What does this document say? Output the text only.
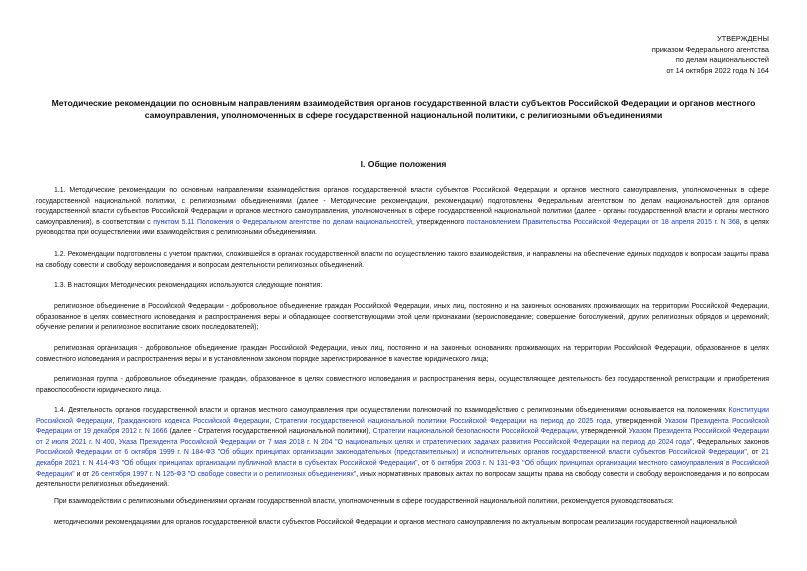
УТВЕРЖДЕНЫ
приказом Федерального агентства
по делам национальностей
от 14 октября 2022 года N 164
Методические рекомендации по основным направлениям взаимодействия органов государственной власти субъектов Российской Федерации и органов местного самоуправления, уполномоченных в сфере государственной национальной политики, с религиозными объединениями
I. Общие положения

1.1. Методические рекомендации по основным направлениям взаимодействия органов государственной власти субъектов Российской Федерации и органов местного самоуправления, уполномоченных в сфере государственной национальной политики, с религиозными объединениями (далее - Методические рекомендации, рекомендации) подготовлены Федеральным агентством по делам национальностей для органов государственной власти субъектов Российской Федерации и органов местного самоуправления, уполномоченных в сфере государственной национальной политики (далее - органы государственной власти и органы местного самоуправления), в соответствии с пунктом 5.11 Положения о Федеральном агентстве по делам национальностей, утвержденного постановлением Правительства Российской Федерации от 18 апреля 2015 г. N 368, в целях руководства при осуществлении ими взаимодействия с религиозными объединениями.

1.2. Рекомендации подготовлены с учетом практики, сложившейся в органах государственной власти по осуществлению такого взаимодействия, и направлены на обеспечение единых подходов к вопросам защиты права на свободу совести и свободу вероисповедания и вопросам деятельности религиозных объединений.

1.3. В настоящих Методических рекомендациях используются следующие понятия:

религиозное объединение в Российской Федерации - добровольное объединение граждан Российской Федерации, иных лиц, постоянно и на законных основаниях проживающих на территории Российской Федерации, образованное в целях совместного исповедания и распространения веры и обладающее соответствующими этой цели признаками (вероисповедание; совершение богослужений, других религиозных обрядов и церемоний; обучение религии и религиозное воспитание своих последователей);

религиозная организация - добровольное объединение граждан Российской Федерации, иных лиц, постоянно и на законных основаниях проживающих на территории Российской Федерации, образованное в целях совместного исповедания и распространения веры и в установленном законом порядке зарегистрированное в качестве юридического лица;

религиозная группа - добровольное объединение граждан, образованное в целях совместного исповедания и распространения веры, осуществляющее деятельность без государственной регистрации и приобретения правоспособности юридического лица.

1.4. Деятельность органов государственной власти и органов местного самоуправления при осуществлении полномочий по взаимодействию с религиозными объединениями основывается на положениях Конституции Российской Федерации, Гражданского кодекса Российской Федерации, Стратегии государственной национальной политики Российской Федерации на период до 2025 года, утвержденной Указом Президента Российской Федерации от 19 декабря 2012 г. N 1666 (далее - Стратегия государственной национальной политики), Стратегии национальной безопасности Российской Федерации, утвержденной Указом Президента Российской Федерации от 2 июля 2021 г. N 400, Указа Президента Российской Федерации от 7 мая 2018 г. N 204 "О национальных целях и стратегических задачах развития Российской Федерации на период до 2024 года", Федеральных законов Российской Федерации от 6 октября 1999 г. N 184-ФЗ "Об общих принципах организации законодательных (представительных) и исполнительных органов государственной власти субъектов Российской Федерации", от 21 декабря 2021 г. N 414-ФЗ "Об общих принципах организации публичной власти в субъектах Российской Федерации", от 6 октября 2003 г. N 131-ФЗ "Об общих принципах организации местного самоуправления в Российской Федерации" и от 26 сентября 1997 г. N 125-ФЗ "О свободе совести и о религиозных объединениях", иных нормативных правовых актах по вопросам защиты права на свободу совести и свободу вероисповедания и по вопросам деятельности религиозных объединений.

При взаимодействии с религиозными объединениями органам государственной власти, уполномоченным в сфере государственной национальной политики, рекомендуется руководствоваться:

методическими рекомендациями для органов государственной власти субъектов Российской Федерации и органов местного самоуправления по актуальным вопросам реализации государственной национальной
